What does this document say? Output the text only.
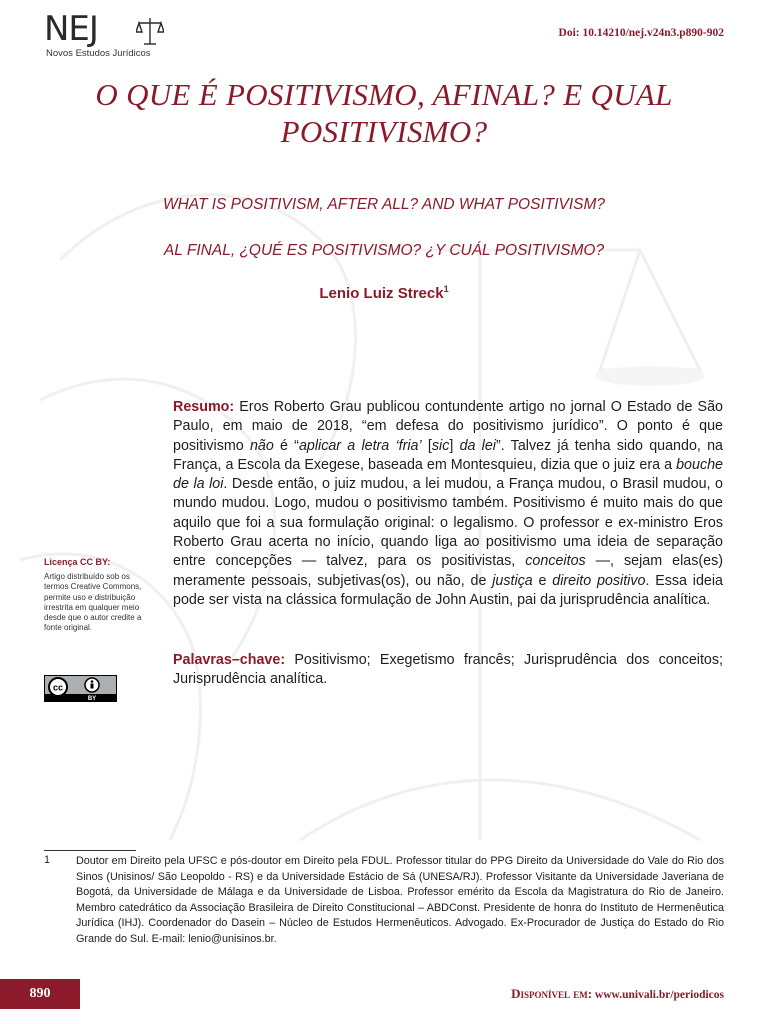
NEJ
Novos Estudos Jurídicos
Doi: 10.14210/nej.v24n3.p890-902
O QUE É POSITIVISMO, AFINAL? E QUAL
POSITIVISMO?
WHAT IS POSITIVISM, AFTER ALL? AND WHAT POSITIVISM?
AL FINAL, ¿QUÉ ES POSITIVISMO? ¿Y CUÁL POSITIVISMO?
Lenio Luiz Streck$^1$
Resumo: Eros Roberto Grau publicou contundente artigo no jornal O Estado de São Paulo, em maio de 2018, “em defesa do positivismo jurídico”. O ponto é que positivismo não é “aplicar a letra ‘fria’ [sic] da lei”. Talvez já tenha sido quando, na França, a Escola da Exegese, baseada em Montesquieu, dizia que o juiz era a bouche de la loi. Desde então, o juiz mudou, a lei mudou, a França mudou, o Brasil mudou, o mundo mudou. Logo, mudou o positivismo também. Positivismo é muito mais do que aquilo que foi a sua formulação original: o legalismo. O professor e ex-ministro Eros Roberto Grau acerta no início, quando liga ao positivismo uma ideia de separação entre concepções — talvez, para os positivistas, conceitos —, sejam elas(es) meramente pessoais, subjetivas(os), ou não, de justiça e direito positivo. Essa ideia pode ser vista na clássica formulação de John Austin, pai da jurisprudência analítica.
Palavras–chave: Positivismo; Exegetismo francês; Jurisprudência dos conceitos; Jurisprudência analítica.
Licença CC BY:
Artigo distribuído sob os termos Creative Commons, permite uso e distribuição irrestrita em qualquer meio desde que o autor credite a fonte original.
cc
BY
1 Doutor em Direito pela UFSC e pós-doutor em Direito pela FDUL. Professor titular do PPG Direito da Universidade do Vale do Rio dos Sinos (Unisinos/ São Leopoldo - RS) e da Universidade Estácio de Sá (UNESA/RJ). Professor Visitante da Universidade Javeriana de Bogotá, da Universidade de Málaga e da Universidade de Lisboa. Professor emérito da Escola da Magistratura do Rio de Janeiro. Membro catedrático da Associação Brasileira de Direito Constitucional – ABDConst. Presidente de honra do Instituto de Hermenêutica Jurídica (IHJ). Coordenador do Dasein – Núcleo de Estudos Hermenêuticos. Advogado. Ex-Procurador de Justiça do Estado do Rio Grande do Sul. E-mail: lenio@unisinos.br.
890	Disponível em: www.univali.br/periodicos
